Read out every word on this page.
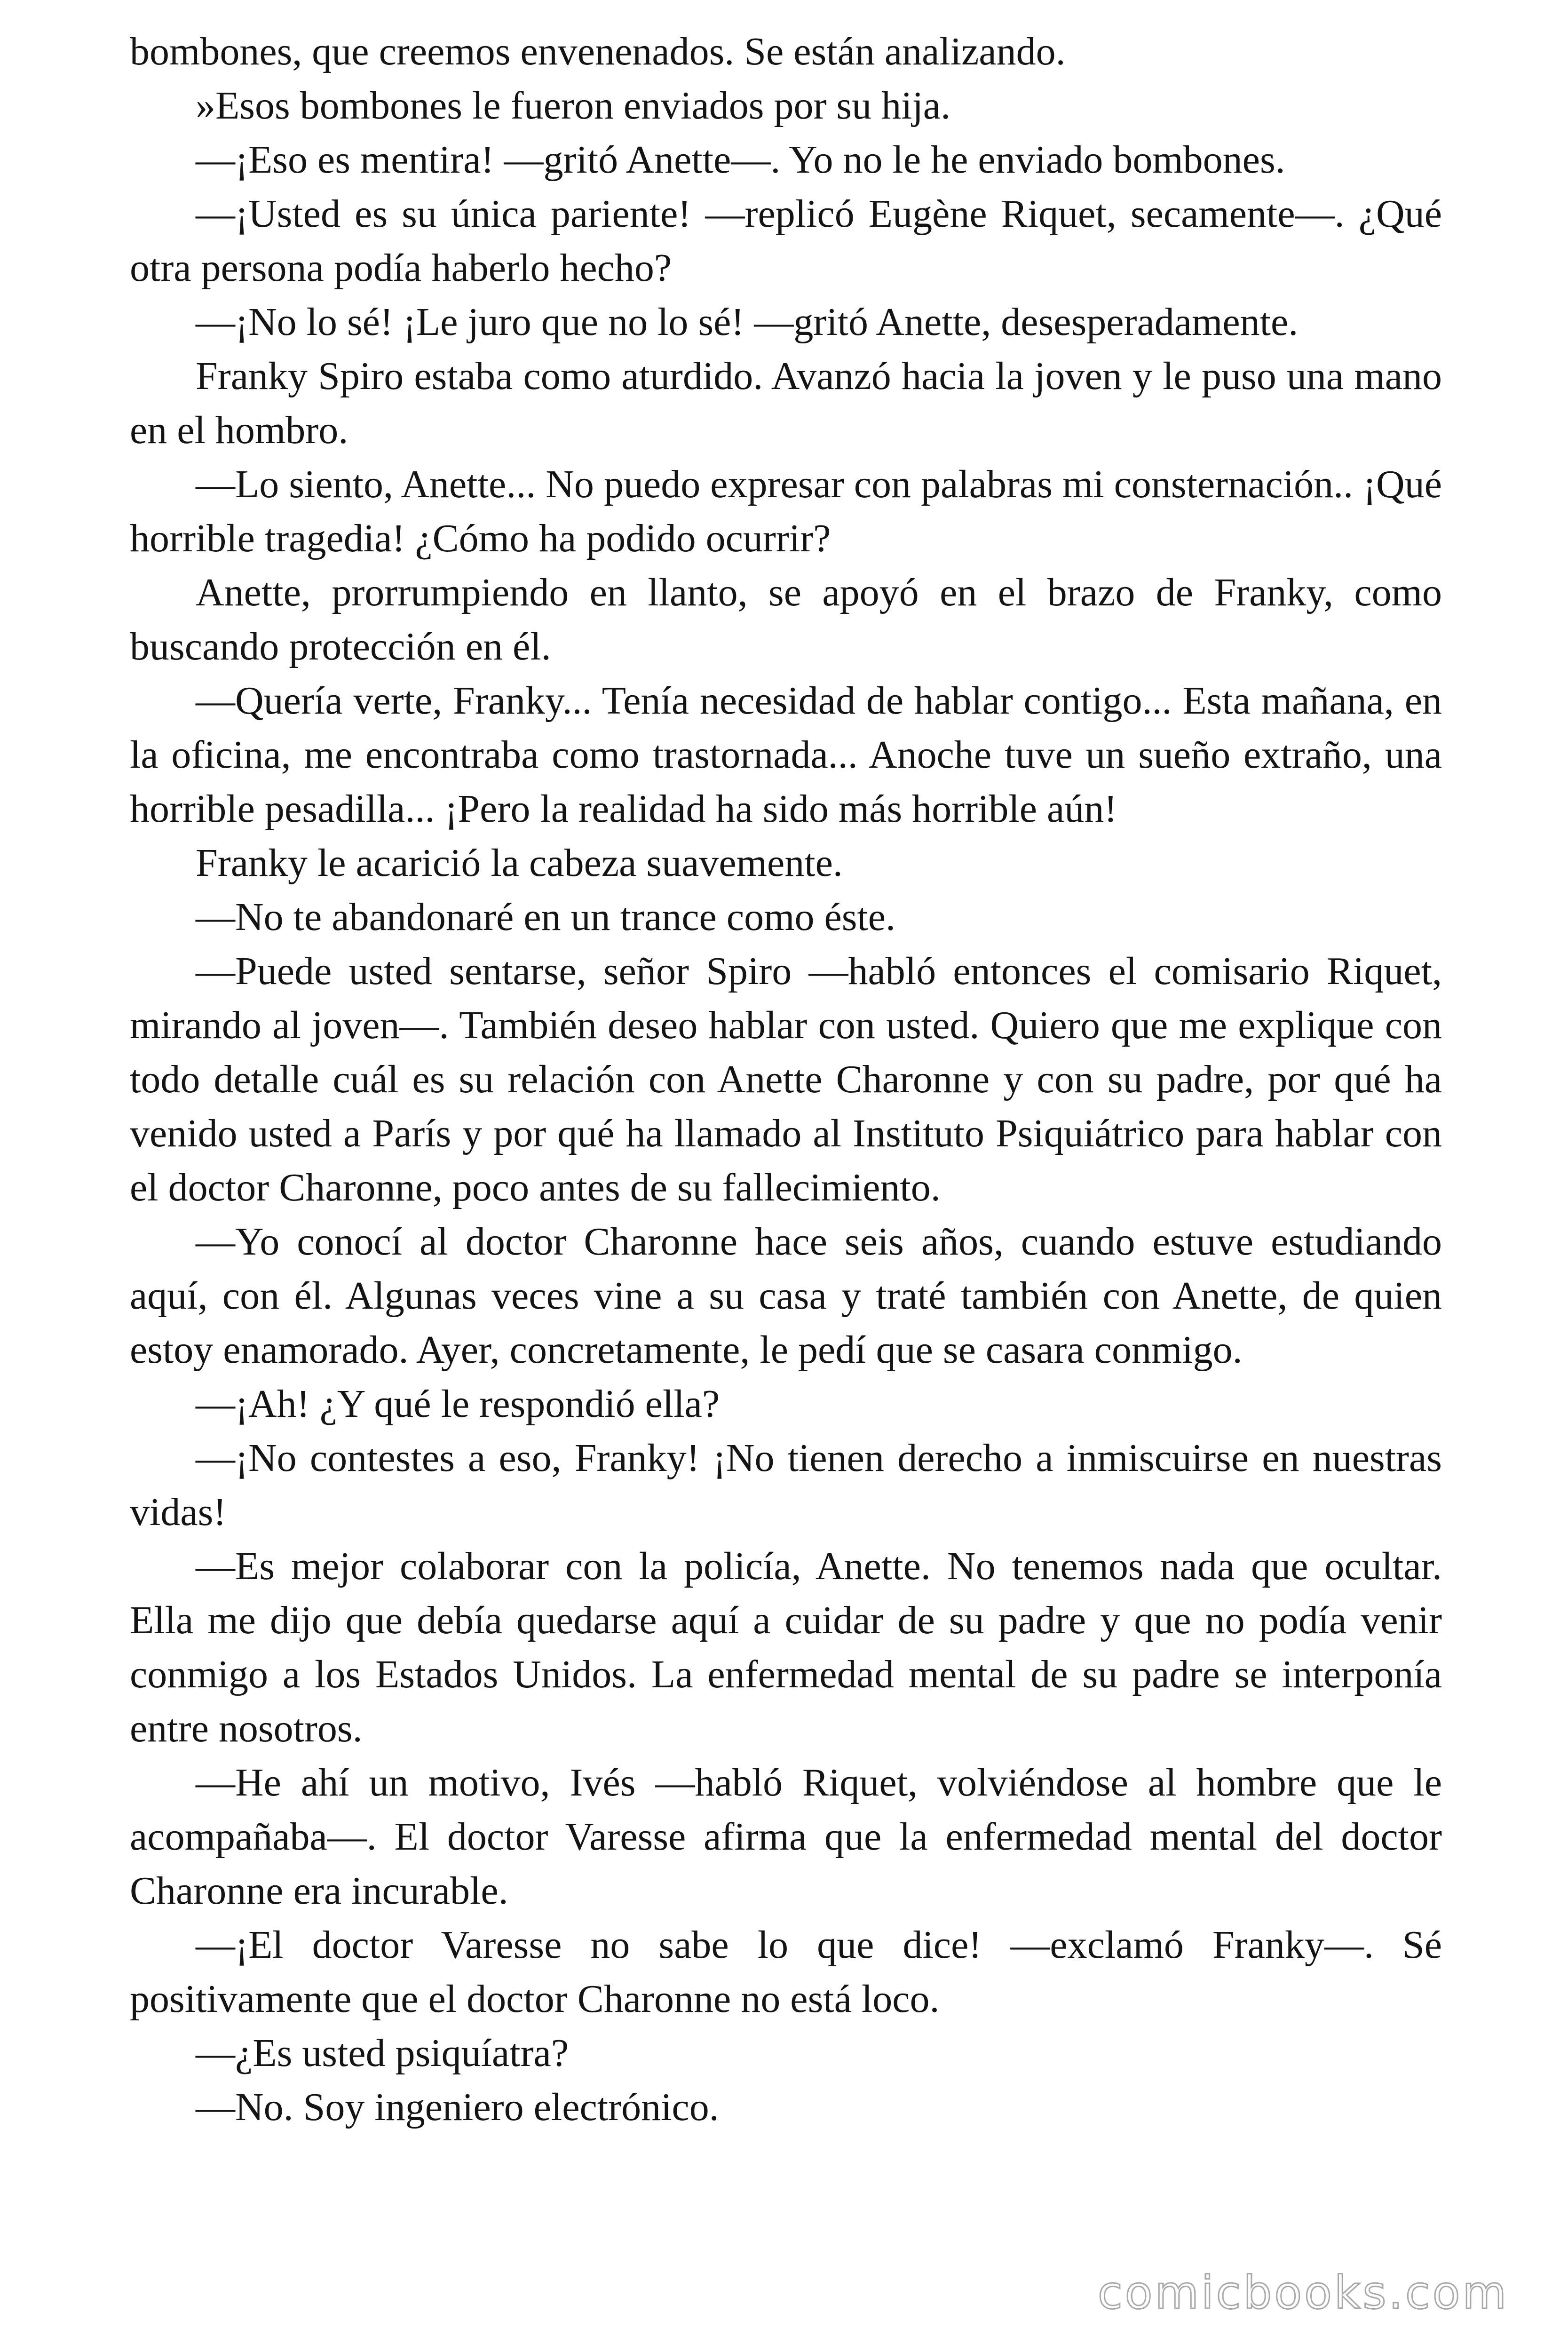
bombones, que creemos envenenados. Se están analizando.

»Esos bombones le fueron enviados por su hija.

—¡Eso es mentira! —gritó Anette—. Yo no le he enviado bombones.

—¡Usted es su única pariente! —replicó Eugène Riquet, secamente—. ¿Qué otra persona podía haberlo hecho?

—¡No lo sé! ¡Le juro que no lo sé! —gritó Anette, desesperadamente.

Franky Spiro estaba como aturdido. Avanzó hacia la joven y le puso una mano en el hombro.

—Lo siento, Anette... No puedo expresar con palabras mi consternación.. ¡Qué horrible tragedia! ¿Cómo ha podido ocurrir?

Anette, prorrumpiendo en llanto, se apoyó en el brazo de Franky, como buscando protección en él.

—Quería verte, Franky... Tenía necesidad de hablar contigo... Esta mañana, en la oficina, me encontraba como trastornada... Anoche tuve un sueño extraño, una horrible pesadilla... ¡Pero la realidad ha sido más horrible aún!

Franky le acarició la cabeza suavemente.

—No te abandonaré en un trance como éste.

—Puede usted sentarse, señor Spiro —habló entonces el comisario Riquet, mirando al joven—. También deseo hablar con usted. Quiero que me explique con todo detalle cuál es su relación con Anette Charonne y con su padre, por qué ha venido usted a París y por qué ha llamado al Instituto Psiquiátrico para hablar con el doctor Charonne, poco antes de su fallecimiento.

—Yo conocí al doctor Charonne hace seis años, cuando estuve estudiando aquí, con él. Algunas veces vine a su casa y traté también con Anette, de quien estoy enamorado. Ayer, concretamente, le pedí que se casara conmigo.

—¡Ah! ¿Y qué le respondió ella?

—¡No contestes a eso, Franky! ¡No tienen derecho a inmiscuirse en nuestras vidas!

—Es mejor colaborar con la policía, Anette. No tenemos nada que ocultar. Ella me dijo que debía quedarse aquí a cuidar de su padre y que no podía venir conmigo a los Estados Unidos. La enfermedad mental de su padre se interponía entre nosotros.

—He ahí un motivo, Ivés —habló Riquet, volviéndose al hombre que le acompañaba—. El doctor Varesse afirma que la enfermedad mental del doctor Charonne era incurable.

—¡El doctor Varesse no sabe lo que dice! —exclamó Franky—. Sé positivamente que el doctor Charonne no está loco.

—¿Es usted psiquíatra?

—No. Soy ingeniero electrónico.

comicbooks.com
